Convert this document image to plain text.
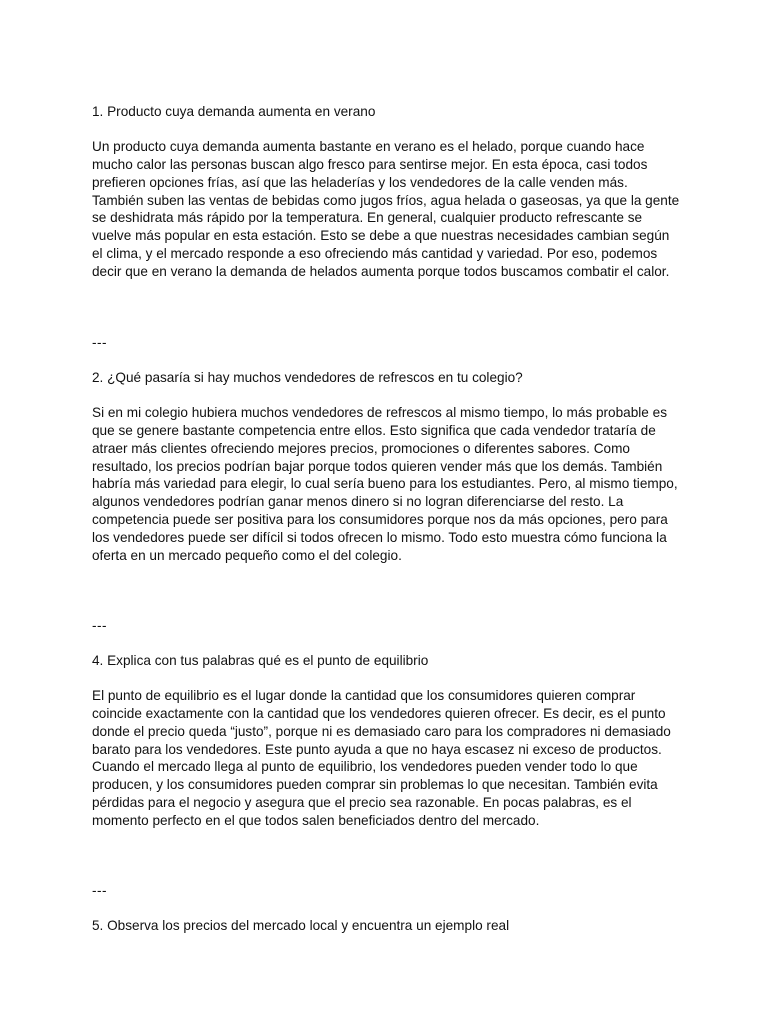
1. Producto cuya demanda aumenta en verano

Un producto cuya demanda aumenta bastante en verano es el helado, porque cuando hace mucho calor las personas buscan algo fresco para sentirse mejor. En esta época, casi todos prefieren opciones frías, así que las heladerías y los vendedores de la calle venden más. También suben las ventas de bebidas como jugos fríos, agua helada o gaseosas, ya que la gente se deshidrata más rápido por la temperatura. En general, cualquier producto refrescante se vuelve más popular en esta estación. Esto se debe a que nuestras necesidades cambian según el clima, y el mercado responde a eso ofreciendo más cantidad y variedad. Por eso, podemos decir que en verano la demanda de helados aumenta porque todos buscamos combatir el calor.

---

2. ¿Qué pasaría si hay muchos vendedores de refrescos en tu colegio?

Si en mi colegio hubiera muchos vendedores de refrescos al mismo tiempo, lo más probable es que se genere bastante competencia entre ellos. Esto significa que cada vendedor trataría de atraer más clientes ofreciendo mejores precios, promociones o diferentes sabores. Como resultado, los precios podrían bajar porque todos quieren vender más que los demás. También habría más variedad para elegir, lo cual sería bueno para los estudiantes. Pero, al mismo tiempo, algunos vendedores podrían ganar menos dinero si no logran diferenciarse del resto. La competencia puede ser positiva para los consumidores porque nos da más opciones, pero para los vendedores puede ser difícil si todos ofrecen lo mismo. Todo esto muestra cómo funciona la oferta en un mercado pequeño como el del colegio.

---

4. Explica con tus palabras qué es el punto de equilibrio

El punto de equilibrio es el lugar donde la cantidad que los consumidores quieren comprar coincide exactamente con la cantidad que los vendedores quieren ofrecer. Es decir, es el punto donde el precio queda “justo”, porque ni es demasiado caro para los compradores ni demasiado barato para los vendedores. Este punto ayuda a que no haya escasez ni exceso de productos. Cuando el mercado llega al punto de equilibrio, los vendedores pueden vender todo lo que producen, y los consumidores pueden comprar sin problemas lo que necesitan. También evita pérdidas para el negocio y asegura que el precio sea razonable. En pocas palabras, es el momento perfecto en el que todos salen beneficiados dentro del mercado.

---

5. Observa los precios del mercado local y encuentra un ejemplo real
